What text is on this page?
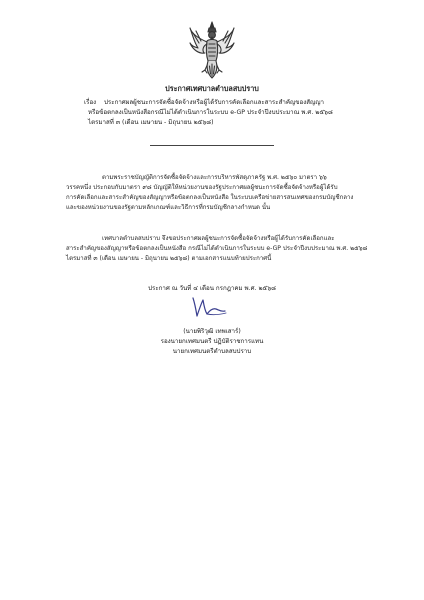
ประกาศเทศบาลตำบลสบปราบ
เรื่อง ประกาศผลผู้ชนะการจัดซื้อจัดจ้างหรือผู้ได้รับการคัดเลือกและสาระสำคัญของสัญญา
หรือข้อตกลงเป็นหนังสือกรณีไม่ได้ดำเนินการในระบบ e-GP ประจำปีงบประมาณ พ.ศ. ๒๕๖๘
ไตรมาสที่ ๓ (เดือน เมษายน - มิถุนายน ๒๕๖๘)
ตามพระราชบัญญัติการจัดซื้อจัดจ้างและการบริหารพัสดุภาครัฐ พ.ศ. ๒๕๖๐ มาตรา ๖๖
วรรคหนึ่ง ประกอบกับมาตรา ๙๘ บัญญัติให้หน่วยงานของรัฐประกาศผลผู้ชนะการจัดซื้อจัดจ้างหรือผู้ได้รับ
การคัดเลือกและสาระสำคัญของสัญญาหรือข้อตกลงเป็นหนังสือ ในระบบเครือข่ายสารสนเทศของกรมบัญชีกลาง
และของหน่วยงานของรัฐตามหลักเกณฑ์และวิธีการที่กรมบัญชีกลางกำหนด นั้น
เทศบาลตำบลสบปราบ จึงขอประกาศผลผู้ชนะการจัดซื้อจัดจ้างหรือผู้ได้รับการคัดเลือกและ
สาระสำคัญของสัญญาหรือข้อตกลงเป็นหนังสือ กรณีไม่ได้ดำเนินการในระบบ e-GP ประจำปีงบประมาณ พ.ศ. ๒๕๖๘
ไตรมาสที่ ๓ (เดือน เมษายน - มิถุนายน ๒๕๖๘) ตามเอกสารแนบท้ายประกาศนี้
ประกาศ ณ วันที่ ๔ เดือน กรกฎาคม พ.ศ. ๒๕๖๘
(นายพิริวุฒิ เทพเสาร์)
รองนายกเทศมนตรี ปฏิบัติราชการแทน
นายกเทศมนตรีตำบลสบปราบ
